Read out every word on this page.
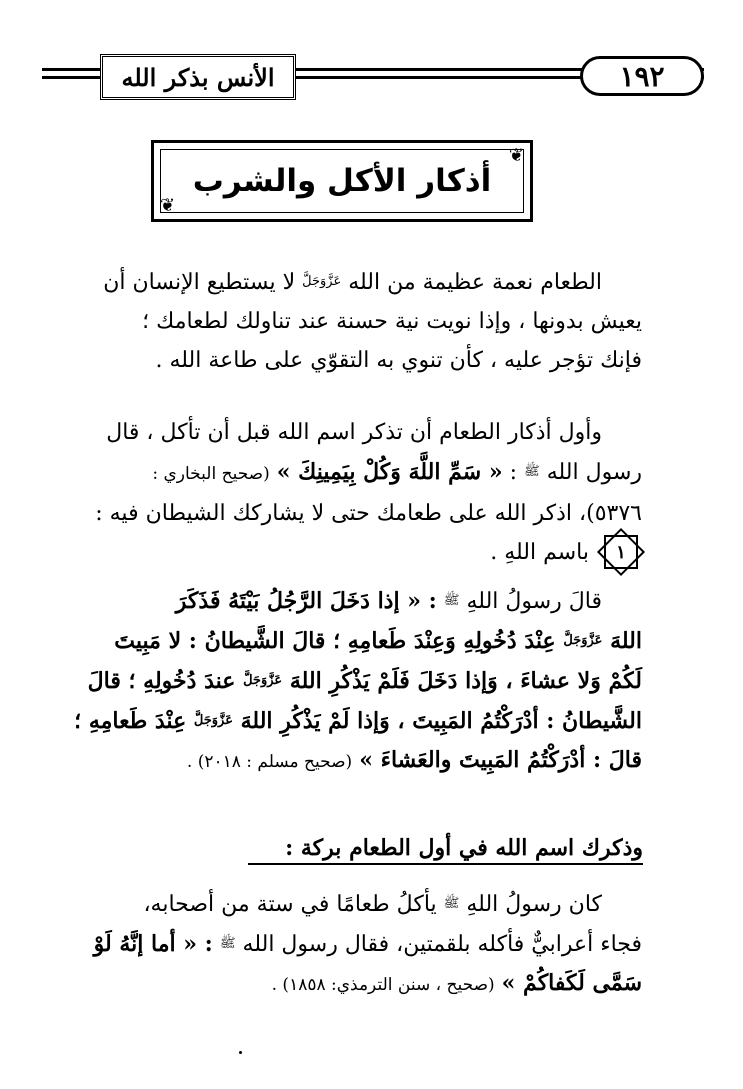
١٩٢
الأنس بذكر الله
❦
❦
أذكار الأكل والشرب
الطعام نعمة عظيمة من الله عَزَّوَجَلَّ لا يستطيع الإنسان أن
يعيش بدونها ، وإذا نويت نية حسنة عند تناولك لطعامك ؛
فإنك تؤجر عليه ، كأن تنوي به التقوّي على طاعة الله .
وأول أذكار الطعام أن تذكر اسم الله قبل أن تأكل ، قال
رسول الله ﷺ : « سَمِّ اللَّهَ وَكُلْ بِيَمِينِكَ » (صحيح البخاري :
٥٣٧٦)، اذكر الله على طعامك حتى لا يشاركك الشيطان فيه :
١
باسم اللهِ .
قالَ رسولُ اللهِ ﷺ : « إذا دَخَلَ الرَّجُلُ بَيْتَهُ فَذَكَرَ
اللهَ عَزَّوَجَلَّ عِنْدَ دُخُولِهِ وَعِنْدَ طَعامِهِ ؛ قالَ الشَّيطانُ : لا مَبِيتَ
لَكُمْ وَلا عشاءَ ، وَإذا دَخَلَ فَلَمْ يَذْكُرِ اللهَ عَزَّوَجَلَّ عندَ دُخُولِهِ ؛ قالَ
الشَّيطانُ : أدْرَكْتُمُ المَبِيتَ ، وَإذا لَمْ يَذْكُرِ اللهَ عَزَّوَجَلَّ عِنْدَ طَعامِهِ ؛
قالَ : أدْرَكْتُمُ المَبِيتَ والعَشاءَ » (صحيح مسلم : ٢٠١٨) .
وذكرك اسم الله في أول الطعام بركة :
كان رسولُ اللهِ ﷺ يأكلُ طعامًا في ستة من أصحابه،
فجاء أعرابيٌّ فأكله بلقمتين، فقال رسول الله ﷺ : « أما إنَّهُ لَوْ
سَمَّى لَكَفاكُمْ » (صحيح ، سنن الترمذي: ١٨٥٨) .
